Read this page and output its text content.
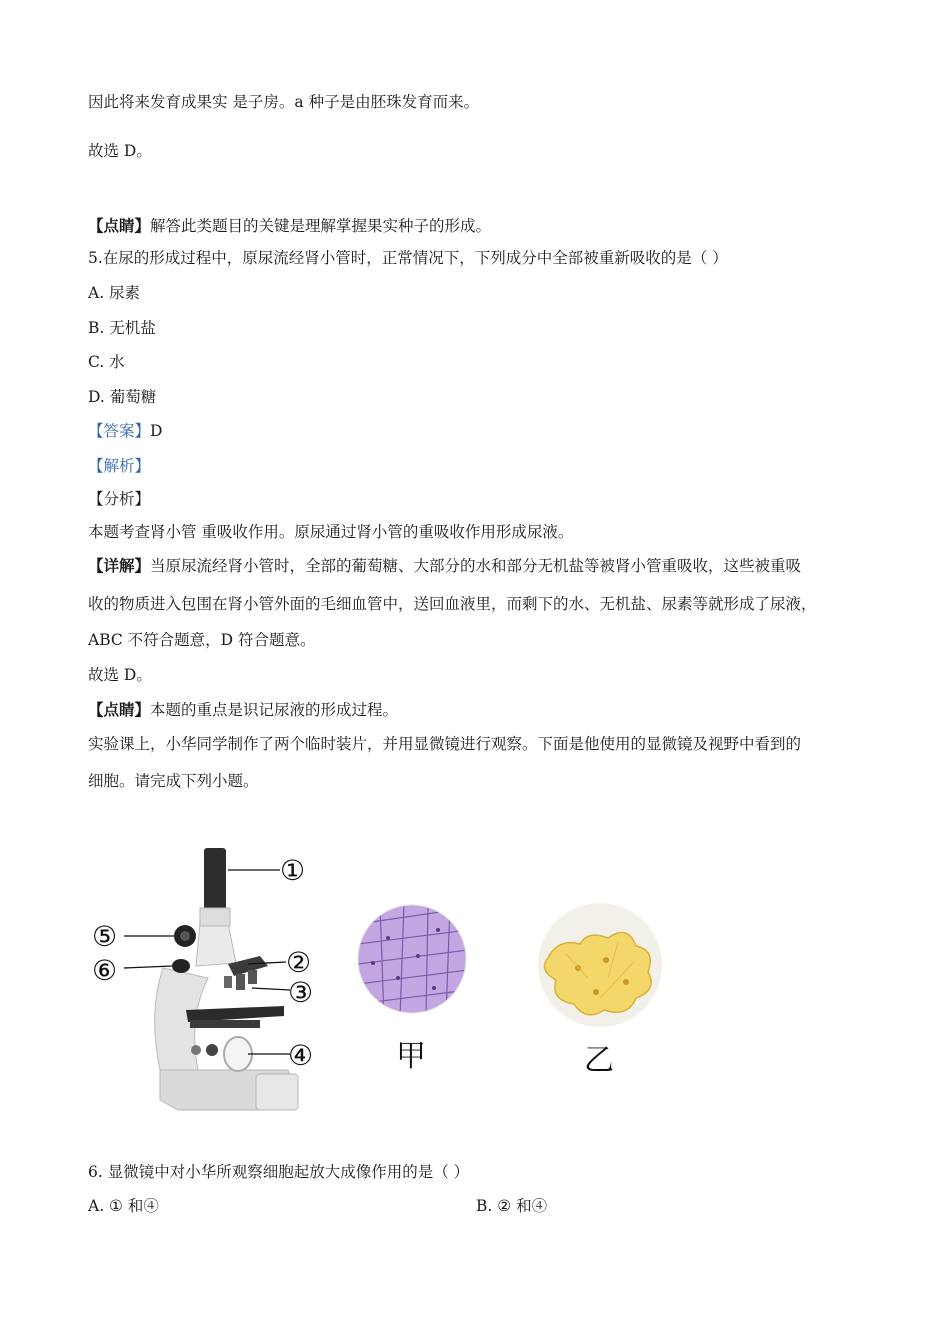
因此将来发育成果实 是子房。a 种子是由胚珠发育而来。
故选 D。
【点睛】解答此类题目的关键是理解掌握果实种子的形成。
5.在尿的形成过程中，原尿流经肾小管时，正常情况下，下列成分中全部被重新吸收的是（ ）
A. 尿素
B. 无机盐
C. 水
D. 葡萄糖
【答案】D
【解析】
【分析】
本题考查肾小管 重吸收作用。原尿通过肾小管的重吸收作用形成尿液。
【详解】当原尿流经肾小管时，全部的葡萄糖、大部分的水和部分无机盐等被肾小管重吸收，这些被重吸
收的物质进入包围在肾小管外面的毛细血管中，送回血液里，而剩下的水、无机盐、尿素等就形成了尿液，
ABC 不符合题意，D 符合题意。
故选 D。
【点睛】本题的重点是识记尿液的形成过程。
实验课上，小华同学制作了两个临时装片，并用显微镜进行观察。下面是他使用的显微镜及视野中看到的
细胞。请完成下列小题。
①
②
③
④
⑤
⑥
甲	乙
6. 显微镜中对小华所观察细胞起放大成像作用的是（ ）
A. ① 和④	B. ② 和④
